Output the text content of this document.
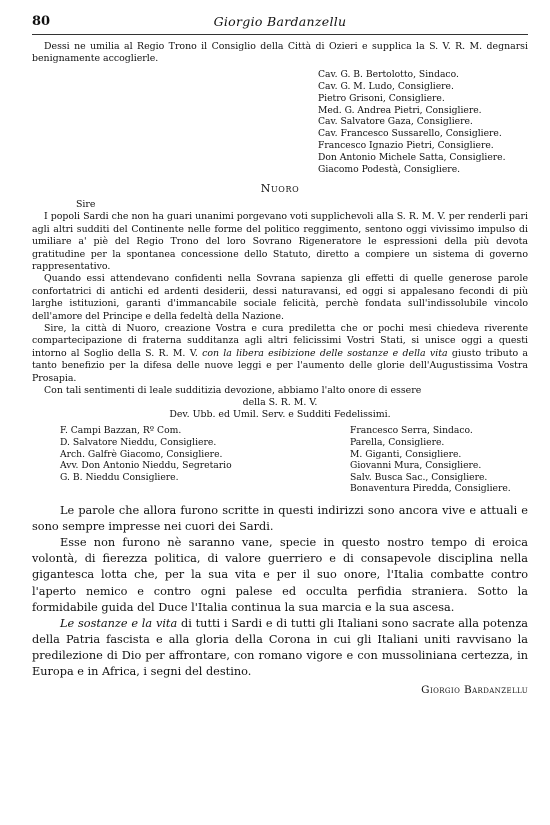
80	Giorgio Bardanzellu

Dessi ne umilia al Regio Trono il Consiglio della Città di Ozieri e supplica la S. V. R. M. degnarsi benignamente accoglierle.

Cav. G. B. Bertolotto, Sindaco.
Cav. G. M. Ludo, Consigliere.
Pietro Grisoni, Consigliere.
Med. G. Andrea Pietri, Consigliere.
Cav. Salvatore Gaza, Consigliere.
Cav. Francesco Sussarello, Consigliere.
Francesco Ignazio Pietri, Consigliere.
Don Antonio Michele Satta, Consigliere.
Giacomo Podestà, Consigliere.
Nuoro
Sire

I popoli Sardi che non ha guari unanimi porgevano voti supplichevoli alla S. R. M. V. per renderli pari agli altri sudditi del Continente nelle forme del politico reggimento, sentono oggi vivissimo impulso di umiliare a' piè del Regio Trono del loro Sovrano Rigeneratore le espressioni della più devota gratitudine per la spontanea concessione dello Statuto, diretto a compiere un sistema di governo rappresentativo.

Quando essi attendevano confidenti nella Sovrana sapienza gli effetti di quelle generose parole confortatrici di antichi ed ardenti desiderii, dessi naturavansi, ed oggi si appalesano fecondi di più larghe istituzioni, garanti d'immancabile sociale felicità, perchè fondata sull'indissolubile vincolo dell'amore del Principe e della fedeltà della Nazione.

Sire, la città di Nuoro, creazione Vostra e cura prediletta che or pochi mesi chiedeva riverente compartecipazione di fraterna sudditanza agli altri felicissimi Vostri Stati, si unisce oggi a questi intorno al Soglio della S. R. M. V. con la libera esibizione delle sostanze e della vita giusto tributo a tanto benefizio per la difesa delle nuove leggi e per l'aumento delle glorie dell'Augustissima Vostra Prosapia.

Con tali sentimenti di leale sudditizia devozione, abbiamo l'alto onore di essere

della S. R. M. V.
Dev. Ubb. ed Umil. Serv. e Sudditi Fedelissimi.
F. Campi Bazzan, Rº Com.
D. Salvatore Nieddu, Consigliere.
Arch. Galfrè Giacomo, Consigliere.
Avv. Don Antonio Nieddu, Segretario
G. B. Nieddu Consigliere.
Francesco Serra, Sindaco.
Parella, Consigliere.
M. Giganti, Consigliere.
Giovanni Mura, Consigliere.
Salv. Busca Sac., Consigliere.
Bonaventura Piredda, Consigliere.

Le parole che allora furono scritte in questi indirizzi sono ancora vive e attuali e sono sempre impresse nei cuori dei Sardi.

Esse non furono nè saranno vane, specie in questo nostro tempo di eroica volontà, di fierezza politica, di valore guerriero e di consapevole disciplina nella gigantesca lotta che, per la sua vita e per il suo onore, l'Italia combatte contro l'aperto nemico e contro ogni palese ed occulta perfidia straniera. Sotto la formidabile guida del Duce l'Italia continua la sua marcia e la sua ascesa.

Le sostanze e la vita di tutti i Sardi e di tutti gli Italiani sono sacrate alla potenza della Patria fascista e alla gloria della Corona in cui gli Italiani uniti ravvisano la predilezione di Dio per affrontare, con romano vigore e con mussoliniana certezza, in Europa e in Africa, i segni del destino.

Giorgio Bardanzellu
